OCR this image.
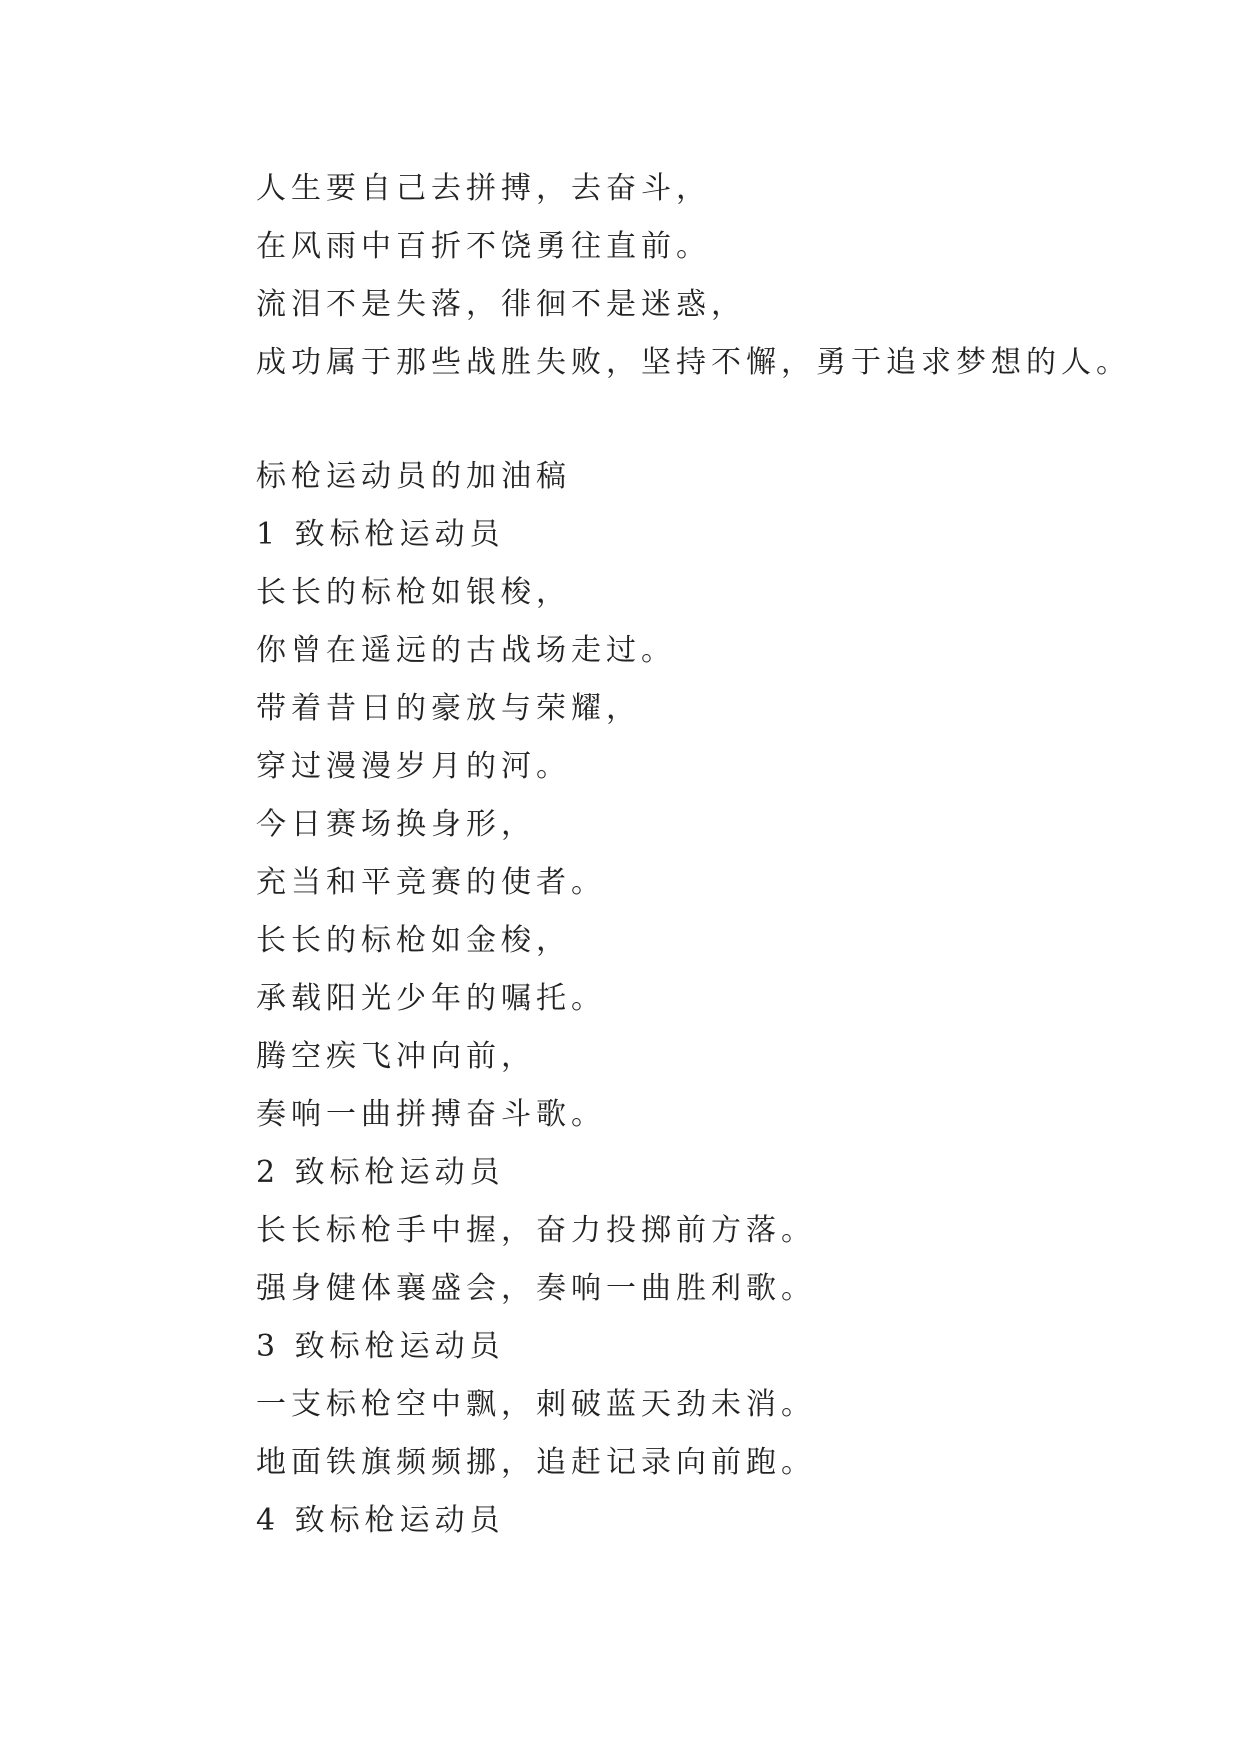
人生要自己去拼搏，去奋斗，
在风雨中百折不饶勇往直前。
流泪不是失落，徘徊不是迷惑，
成功属于那些战胜失败，坚持不懈，勇于追求梦想的人。
标枪运动员的加油稿
1 致标枪运动员
长长的标枪如银梭，
你曾在遥远的古战场走过。
带着昔日的豪放与荣耀，
穿过漫漫岁月的河。
今日赛场换身形，
充当和平竞赛的使者。
长长的标枪如金梭，
承载阳光少年的嘱托。
腾空疾飞冲向前，
奏响一曲拼搏奋斗歌。
2 致标枪运动员
长长标枪手中握，奋力投掷前方落。
强身健体襄盛会，奏响一曲胜利歌。
3 致标枪运动员
一支标枪空中飘，刺破蓝天劲未消。
地面铁旗频频挪，追赶记录向前跑。
4 致标枪运动员
